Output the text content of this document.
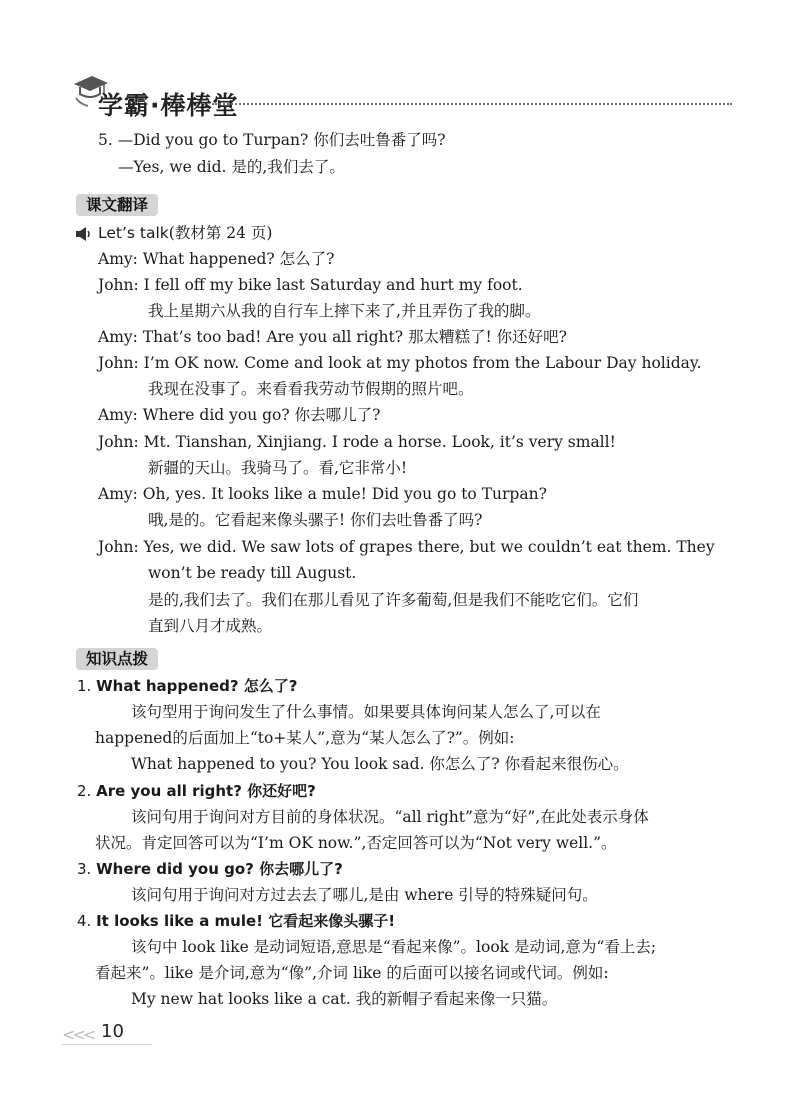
学霸·棒棒堂
5. —Did you go to Turpan? 你们去吐鲁番了吗?
—Yes, we did. 是的,我们去了。
课文翻译
Let’s talk(教材第 24 页)
Amy: What happened? 怎么了?
John: I fell off my bike last Saturday and hurt my foot.
我上星期六从我的自行车上摔下来了,并且弄伤了我的脚。
Amy: That’s too bad! Are you all right? 那太糟糕了! 你还好吧?
John: I’m OK now. Come and look at my photos from the Labour Day holiday.
我现在没事了。来看看我劳动节假期的照片吧。
Amy: Where did you go? 你去哪儿了?
John: Mt. Tianshan, Xinjiang. I rode a horse. Look, it’s very small!
新疆的天山。我骑马了。看,它非常小!
Amy: Oh, yes. It looks like a mule! Did you go to Turpan?
哦,是的。它看起来像头骡子! 你们去吐鲁番了吗?
John: Yes, we did. We saw lots of grapes there, but we couldn’t eat them. They
won’t be ready till August.
是的,我们去了。我们在那儿看见了许多葡萄,但是我们不能吃它们。它们
直到八月才成熟。
知识点拨
1. What happened? 怎么了?
该句型用于询问发生了什么事情。如果要具体询问某人怎么了,可以在
happened的后面加上“to+某人”,意为“某人怎么了?”。例如:
What happened to you? You look sad. 你怎么了? 你看起来很伤心。
2. Are you all right? 你还好吧?
该问句用于询问对方目前的身体状况。“all right”意为“好”,在此处表示身体
状况。肯定回答可以为“I’m OK now.”,否定回答可以为“Not very well.”。
3. Where did you go? 你去哪儿了?
该问句用于询问对方过去去了哪儿,是由 where 引导的特殊疑问句。
4. It looks like a mule! 它看起来像头骡子!
该句中 look like 是动词短语,意思是“看起来像”。look 是动词,意为“看上去;
看起来”。like 是介词,意为“像”,介词 like 的后面可以接名词或代词。例如:
My new hat looks like a cat. 我的新帽子看起来像一只猫。
<<< 10
